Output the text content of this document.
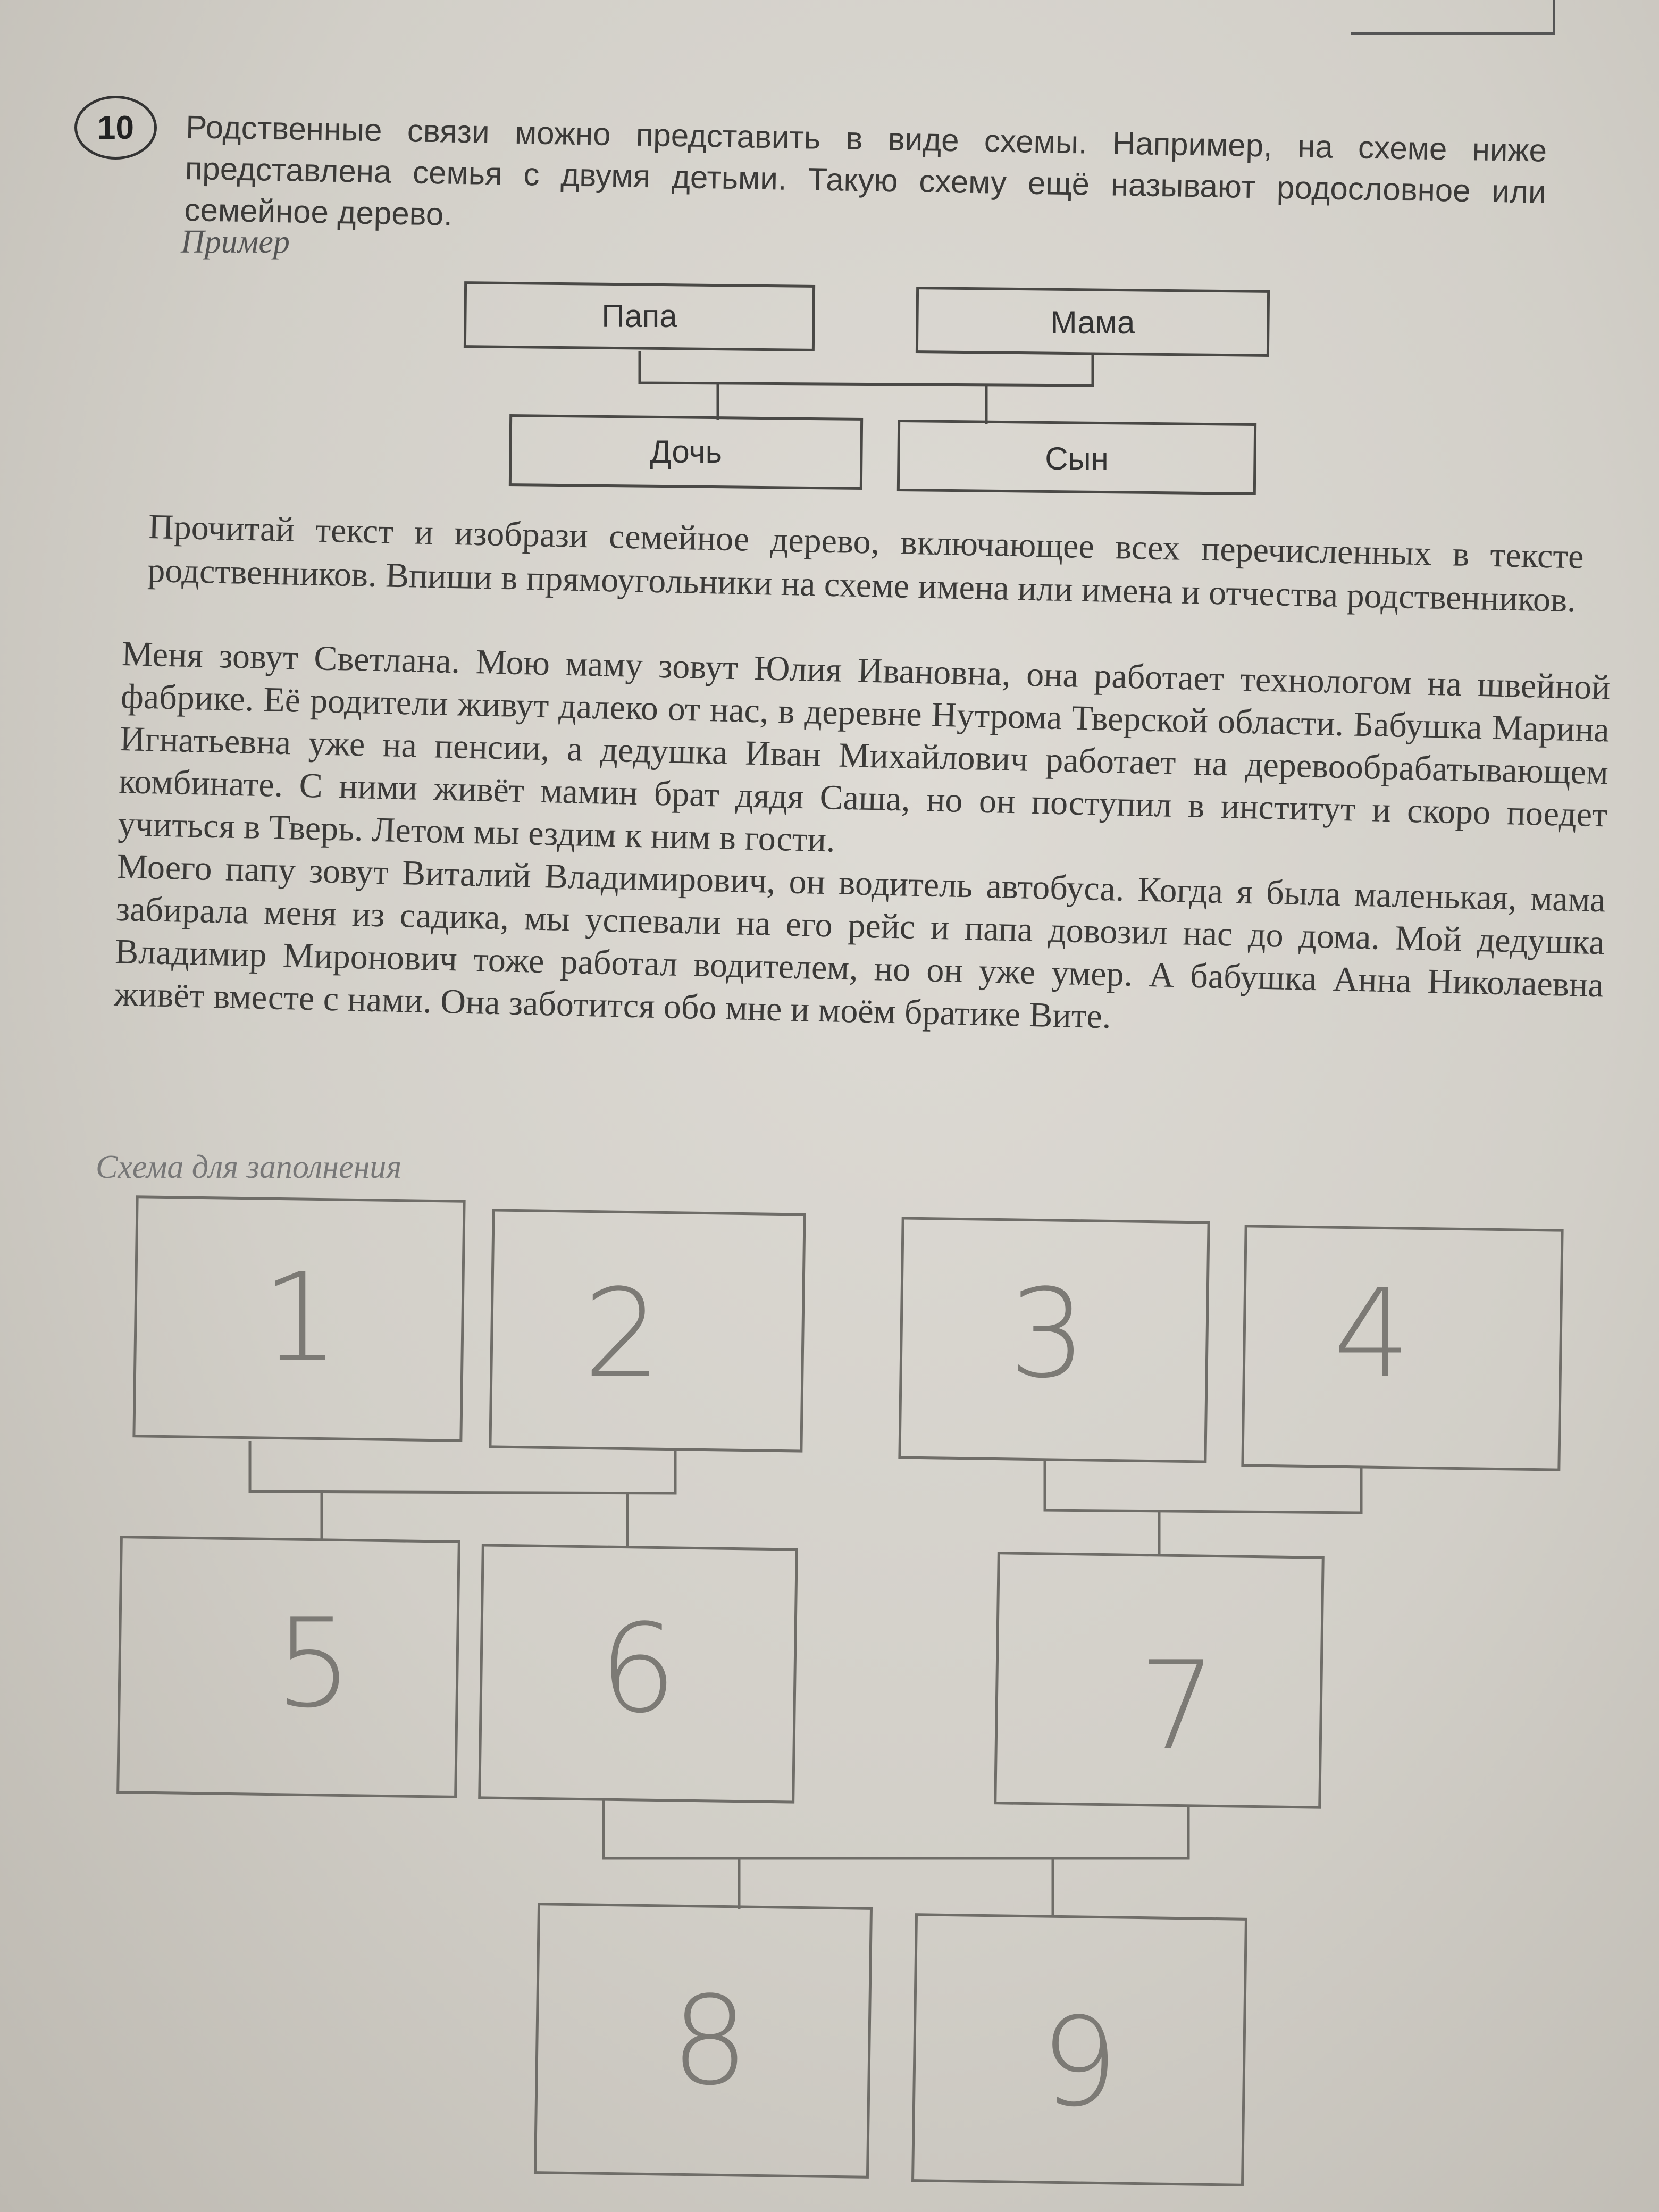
10	Родственные связи можно представить в виде схемы. Например, на схеме ниже представлена семья с двумя детьми. Такую схему ещё называют родословное или семейное дерево.

Пример

Прочитай текст и изобрази семейное дерево, включающее всех перечисленных в тексте родственников. Впиши в прямоугольники на схеме имена или имена и отчества родственников.

Меня зовут Светлана. Мою маму зовут Юлия Ивановна, она работает технологом на швейной фабрике. Её родители живут далеко от нас, в деревне Нутрома Тверской области. Бабушка Марина Игнатьевна уже на пенсии, а дедушка Иван Михайлович работает на деревообрабатывающем комбинате. С ними живёт мамин брат дядя Саша, но он поступил в институт и скоро поедет учиться в Тверь. Летом мы ездим к ним в гости.

Моего папу зовут Виталий Владимирович, он водитель автобуса. Когда я была маленькая, мама забирала меня из садика, мы успевали на его рейс и папа довозил нас до дома. Мой дедушка Владимир Миронович тоже работал водителем, но он уже умер. А бабушка Анна Николаевна живёт вместе с нами. Она заботится обо мне и моём братике Вите.

Схема для заполнения
Папа	Мама
Дочь	Сын
1	2	3	4
5	6	7
8	9
